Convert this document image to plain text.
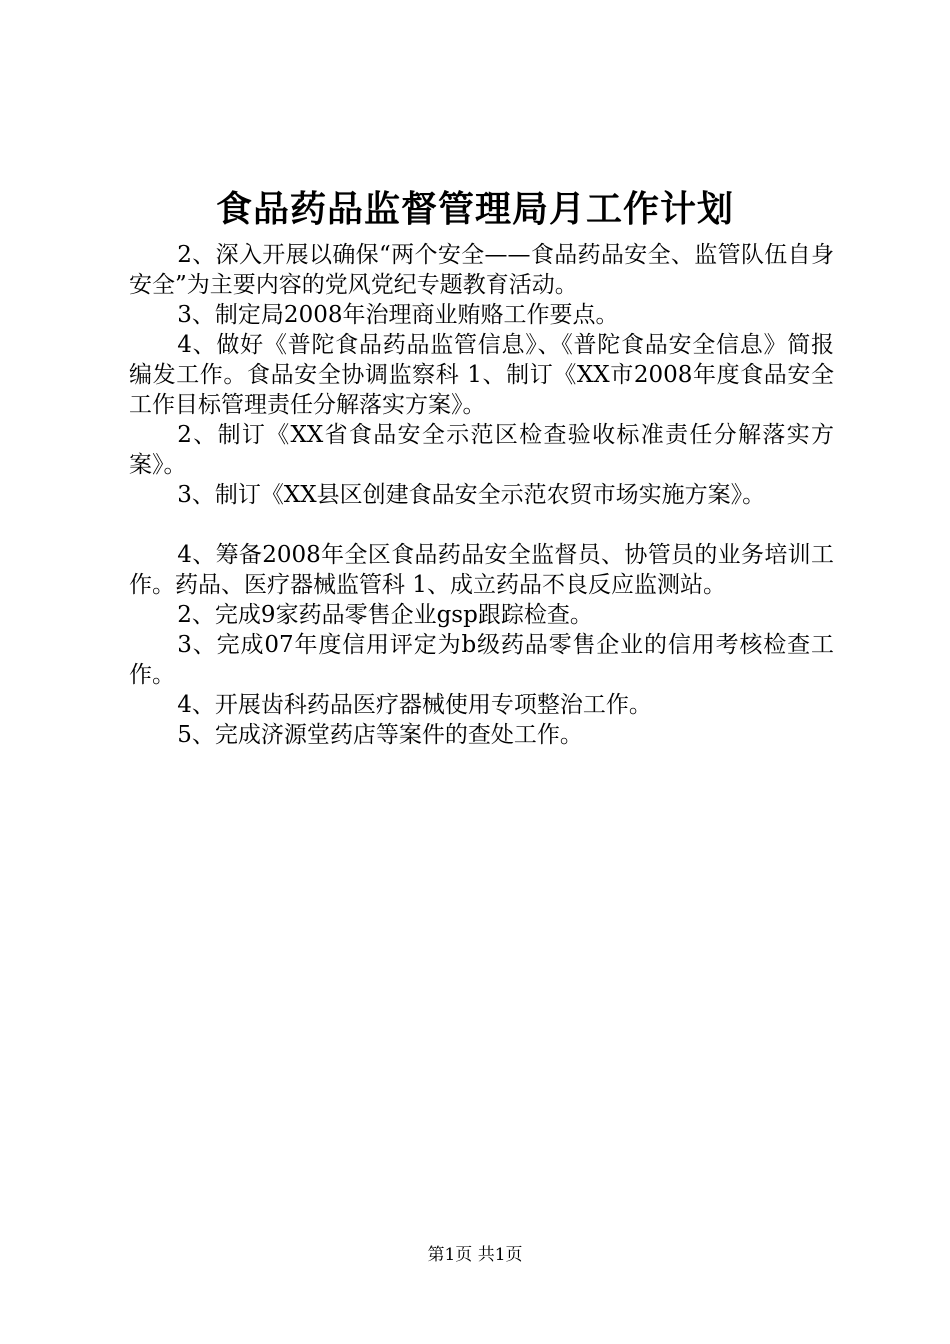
食品药品监督管理局月工作计划

2、深入开展以确保“两个安全——食品药品安全、监管队伍自身安全”为主要内容的党风党纪专题教育活动。

3、制定局2008年治理商业贿赂工作要点。

4、做好《普陀食品药品监管信息》、《普陀食品安全信息》简报编发工作。食品安全协调监察科 1、制订《XX市2008年度食品安全工作目标管理责任分解落实方案》。

2、制订《XX省食品安全示范区检查验收标准责任分解落实方案》。

3、制订《XX县区创建食品安全示范农贸市场实施方案》。

4、筹备2008年全区食品药品安全监督员、协管员的业务培训工作。药品、医疗器械监管科 1、成立药品不良反应监测站。

2、完成9家药品零售企业gsp跟踪检查。

3、完成07年度信用评定为b级药品零售企业的信用考核检查工作。

4、开展齿科药品医疗器械使用专项整治工作。

5、完成济源堂药店等案件的查处工作。

第1页 共1页
